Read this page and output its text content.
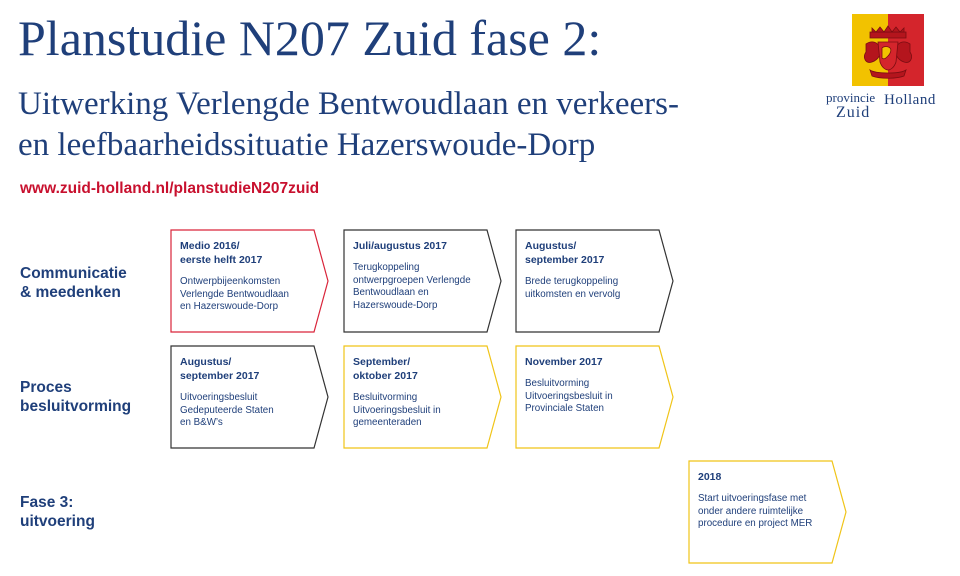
Planstudie N207 Zuid fase 2:
Uitwerking Verlengde Bentwoudlaan en verkeers-
en leefbaarheidssituatie Hazerswoude-Dorp
www.zuid-holland.nl/planstudieN207zuid
provincie Holland
Zuid
Communicatie
& meedenken
Proces
besluitvorming
Fase 3:
uitvoering
Medio 2016/
eerste helft 2017
Ontwerpbijeenkomsten
Verlengde Bentwoudlaan
en Hazerswoude-Dorp
Juli/augustus 2017
Terugkoppeling
ontwerpgroepen Verlengde
Bentwoudlaan en
Hazerswoude-Dorp
Augustus/
september 2017
Brede terugkoppeling
uitkomsten en vervolg
Augustus/
september 2017
Uitvoeringsbesluit
Gedeputeerde Staten
en B&W’s
September/
oktober 2017
Besluitvorming
Uitvoeringsbesluit in
gemeenteraden
November 2017
Besluitvorming
Uitvoeringsbesluit in
Provinciale Staten
2018
Start uitvoeringsfase met
onder andere ruimtelijke
procedure en project MER
